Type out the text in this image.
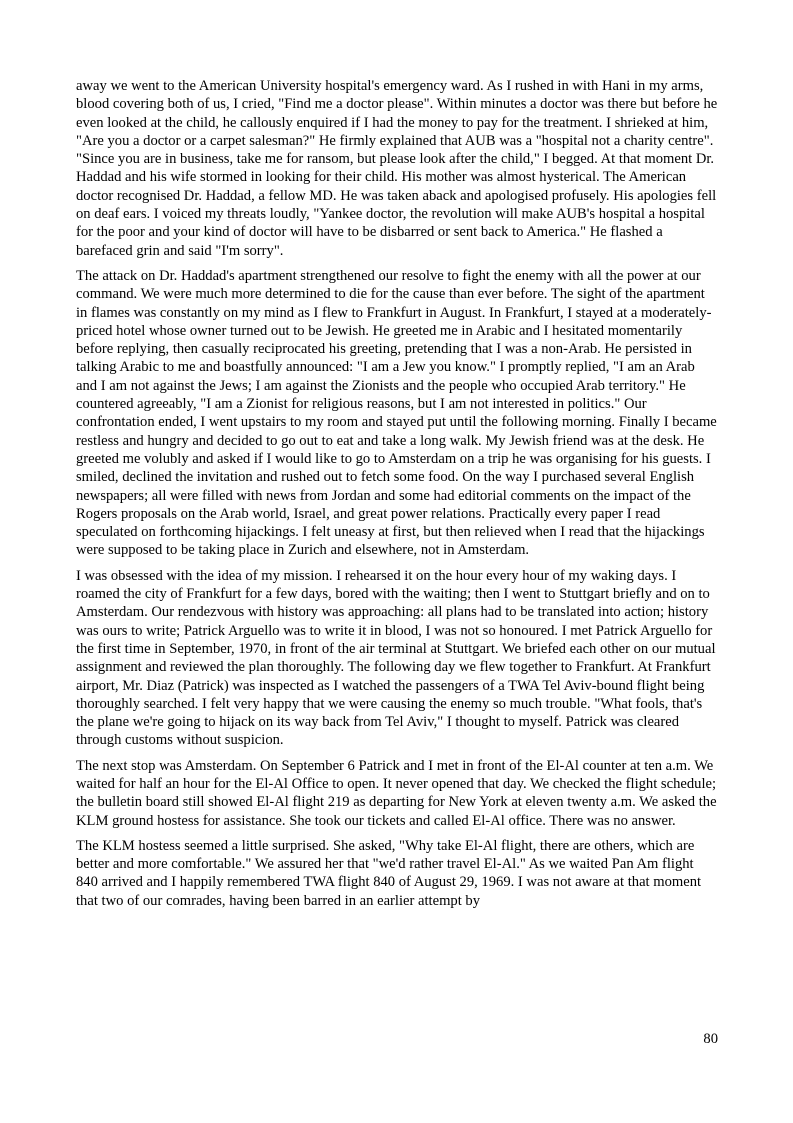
away we went to the American University hospital's emergency ward. As I rushed in with Hani in my arms, blood covering both of us, I cried, "Find me a doctor please". Within minutes a doctor was there but before he even looked at the child, he callously enquired if I had the money to pay for the treatment. I shrieked at him, "Are you a doctor or a carpet salesman?" He firmly explained that AUB was a "hospital not a charity centre". "Since you are in business, take me for ransom, but please look after the child," I begged. At that moment Dr. Haddad and his wife stormed in looking for their child. His mother was almost hysterical. The American doctor recognised Dr. Haddad, a fellow MD. He was taken aback and apologised profusely. His apologies fell on deaf ears. I voiced my threats loudly, "Yankee doctor, the revolution will make AUB's hospital a hospital for the poor and your kind of doctor will have to be disbarred or sent back to America." He flashed a barefaced grin and said "I'm sorry".

The attack on Dr. Haddad's apartment strengthened our resolve to fight the enemy with all the power at our command. We were much more determined to die for the cause than ever before. The sight of the apartment in flames was constantly on my mind as I flew to Frankfurt in August. In Frankfurt, I stayed at a moderately-priced hotel whose owner turned out to be Jewish. He greeted me in Arabic and I hesitated momentarily before replying, then casually reciprocated his greeting, pretending that I was a non-Arab. He persisted in talking Arabic to me and boastfully announced: "I am a Jew you know." I promptly replied, "I am an Arab and I am not against the Jews; I am against the Zionists and the people who occupied Arab territory." He countered agreeably, "I am a Zionist for religious reasons, but I am not interested in politics." Our confrontation ended, I went upstairs to my room and stayed put until the following morning. Finally I became restless and hungry and decided to go out to eat and take a long walk. My Jewish friend was at the desk. He greeted me volubly and asked if I would like to go to Amsterdam on a trip he was organising for his guests. I smiled, declined the invitation and rushed out to fetch some food. On the way I purchased several English newspapers; all were filled with news from Jordan and some had editorial comments on the impact of the Rogers proposals on the Arab world, Israel, and great power relations. Practically every paper I read speculated on forthcoming hijackings. I felt uneasy at first, but then relieved when I read that the hijackings were supposed to be taking place in Zurich and elsewhere, not in Amsterdam.

I was obsessed with the idea of my mission. I rehearsed it on the hour every hour of my waking days. I roamed the city of Frankfurt for a few days, bored with the waiting; then I went to Stuttgart briefly and on to Amsterdam. Our rendezvous with history was approaching: all plans had to be translated into action; history was ours to write; Patrick Arguello was to write it in blood, I was not so honoured. I met Patrick Arguello for the first time in September, 1970, in front of the air terminal at Stuttgart. We briefed each other on our mutual assignment and reviewed the plan thoroughly. The following day we flew together to Frankfurt. At Frankfurt airport, Mr. Diaz (Patrick) was inspected as I watched the passengers of a TWA Tel Aviv-bound flight being thoroughly searched. I felt very happy that we were causing the enemy so much trouble. "What fools, that's the plane we're going to hijack on its way back from Tel Aviv," I thought to myself. Patrick was cleared through customs without suspicion.

The next stop was Amsterdam. On September 6 Patrick and I met in front of the El-Al counter at ten a.m. We waited for half an hour for the El-Al Office to open. It never opened that day. We checked the flight schedule; the bulletin board still showed El-Al flight 219 as departing for New York at eleven twenty a.m. We asked the KLM ground hostess for assistance. She took our tickets and called El-Al office. There was no answer.

The KLM hostess seemed a little surprised. She asked, "Why take El-Al flight, there are others, which are better and more comfortable." We assured her that "we'd rather travel El-Al." As we waited Pan Am flight 840 arrived and I happily remembered TWA flight 840 of August 29, 1969. I was not aware at that moment that two of our comrades, having been barred in an earlier attempt by

80
